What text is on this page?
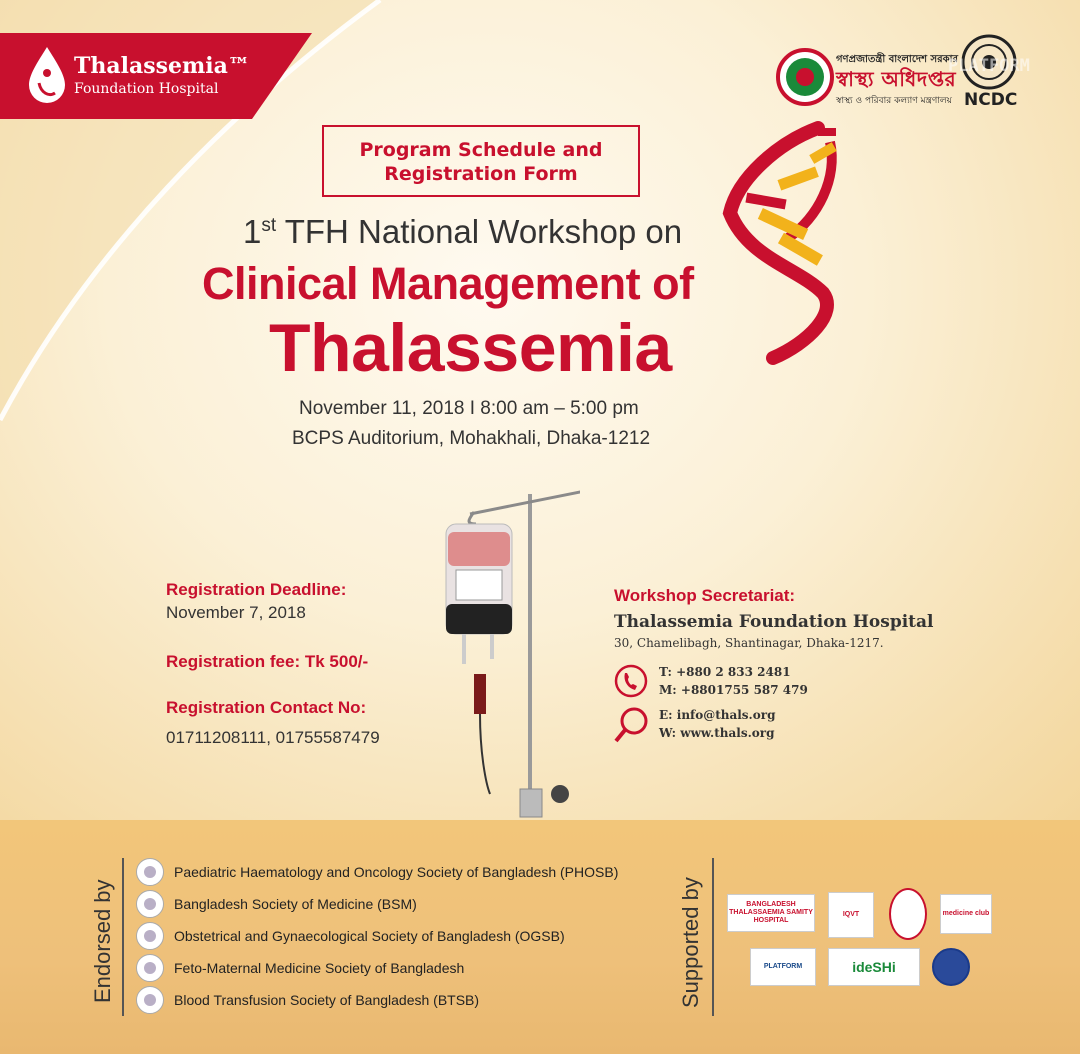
Thalassemia™
Foundation Hospital
গণপ্রজাতন্ত্রী বাংলাদেশ সরকার
স্বাস্থ্য অধিদপ্তর
স্বাস্থ্য ও পরিবার কল্যাণ মন্ত্রণালয়
PLATFORM
NCDC
Program Schedule and
Registration Form
1st TFH National Workshop on
Clinical Management of
Thalassemia
November 11, 2018 I 8:00 am – 5:00 pm
BCPS Auditorium, Mohakhali, Dhaka-1212
Registration Deadline:
November 7, 2018
Registration fee: Tk 500/-
Registration Contact No:
01711208111, 01755587479
Workshop Secretariat:
Thalassemia Foundation Hospital
30, Chamelibagh, Shantinagar, Dhaka-1217.
T: +880 2 833 2481
M: +8801755 587 479
E: info@thals.org
W: www.thals.org
Endorsed by
Paediatric Haematology and Oncology Society of Bangladesh (PHOSB)
Bangladesh Society of Medicine (BSM)
Obstetrical and Gynaecological Society of Bangladesh (OGSB)
Feto-Maternal Medicine Society of Bangladesh
Blood Transfusion Society of Bangladesh (BTSB)	Supported by	BANGLADESH THALASSAEMIA SAMITY HOSPITAL
IQVT	medicine club
PLATFORM	ideSHi
